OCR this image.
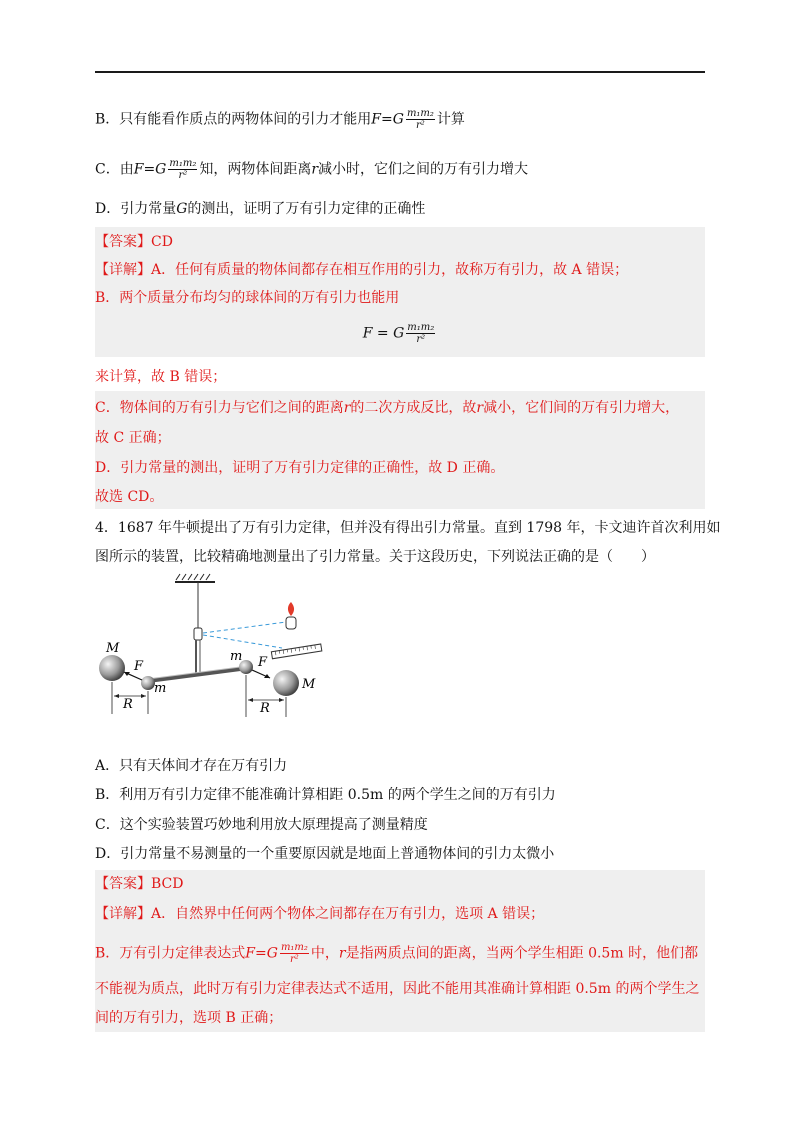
B．只有能看作质点的两物体间的引力才能用$F=G \frac{\text{m₁m₂}}{\text{r²}}$ 计算
C．由$F=G \frac{\text{m₁m₂}}{\text{r²}}$ 知，两物体间距离r减小时，它们之间的万有引力增大
D．引力常量G的测出，证明了万有引力定律的正确性
【答案】CD
【详解】A．任何有质量的物体间都存在相互作用的引力，故称万有引力，故 A 错误；
B．两个质量分布均匀的球体间的万有引力也能用
F = G $\frac{\text{m₁m₂}}{\text{r²}}$
来计算，故 B 错误；
C．物体间的万有引力与它们之间的距离r的二次方成反比，故r减小，它们间的万有引力增大，
故 C 正确；
D．引力常量的测出，证明了万有引力定律的正确性，故 D 正确。
故选 CD。
4．1687 年牛顿提出了万有引力定律，但并没有得出引力常量。直到 1798 年，卡文迪许首次利用如
图所示的装置，比较精确地测量出了引力常量。关于这段历史，下列说法正确的是（　　）
M
F
m
R
m F
M
R
A．只有天体间才存在万有引力
B．利用万有引力定律不能准确计算相距 0.5m 的两个学生之间的万有引力
C．这个实验装置巧妙地利用放大原理提高了测量精度
D．引力常量不易测量的一个重要原因就是地面上普通物体间的引力太微小
【答案】BCD
【详解】A．自然界中任何两个物体之间都存在万有引力，选项 A 错误；
B．万有引力定律表达式$F=G \frac{\text{m₁m₂}}{\text{r²}}$ 中，r是指两质点间的距离，当两个学生相距 0.5m 时，他们都
不能视为质点，此时万有引力定律表达式不适用，因此不能用其准确计算相距 0.5m 的两个学生之
间的万有引力，选项 B 正确；
